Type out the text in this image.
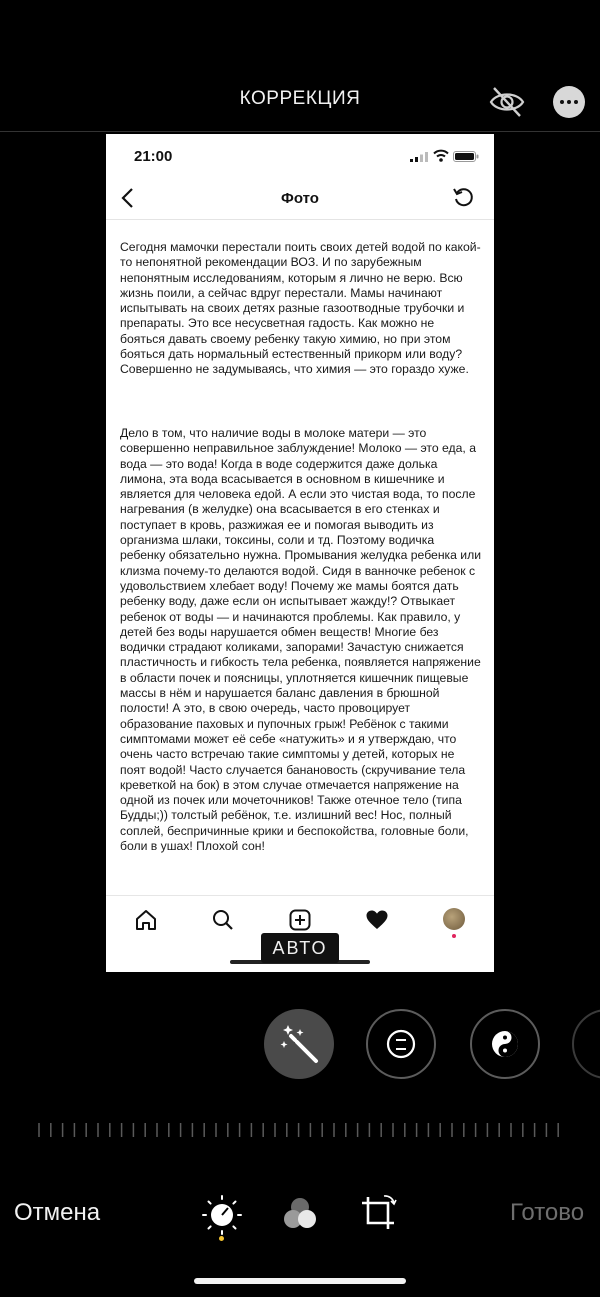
КОРРЕКЦИЯ
21:00
Фото

Сегодня мамочки перестали поить своих детей водой по какой-то непонятной рекомендации ВОЗ. И по зарубежным непонятным исследованиям, которым я лично не верю. Всю жизнь поили, а сейчас вдруг перестали. Мамы начинают испытывать на своих детях разные газоотводные трубочки и препараты. Это все несусветная гадость. Как можно не бояться давать своему ребенку такую химию, но при этом бояться дать нормальный естественный прикорм или воду? Совершенно не задумываясь, что химия — это гораздо хуже.

Дело в том, что наличие воды в молоке матери — это совершенно неправильное заблуждение! Молоко — это еда, а вода — это вода! Когда в воде содержится даже долька лимона, эта вода всасывается в основном в кишечнике и является для человека едой. А если это чистая вода, то после нагревания (в желудке) она всасывается в его стенках и поступает в кровь, разжижая ее и помогая выводить из организма шлаки, токсины, соли и тд. Поэтому водичка ребенку обязательно нужна. Промывания желудка ребенка или клизма почему-то делаются водой. Сидя в ванночке ребенок с удовольствием хлебает воду! Почему же мамы боятся дать ребенку воду, даже если он испытывает жажду!? Отвыкает ребенок от воды — и начинаются проблемы. Как правило, у детей без воды нарушается обмен веществ! Многие без водички страдают коликами, запорами! Зачастую снижается пластичность и гибкость тела ребенка, появляется напряжение в области почек и поясницы, уплотняется кишечник пищевые массы в нём и нарушается баланс давления в брюшной полости! А это, в свою очередь, часто провоцирует образование паховых и пупочных грыж! Ребёнок с такими симптомами может её себе «натужить» и я утверждаю, что очень часто встречаю такие симптомы у детей, которых не поят водой! Часто случается банановость (скручивание тела креветкой на бок) в этом случае отмечается напряжение на одной из почек или мочеточников! Также отечное тело (типа Будды;)) толстый ребёнок, т.е. излишний вес! Нос, полный соплей, беспричинные крики и беспокойства, головные боли, боли в ушах! Плохой сон!

АВТО
Отмена	Готово
